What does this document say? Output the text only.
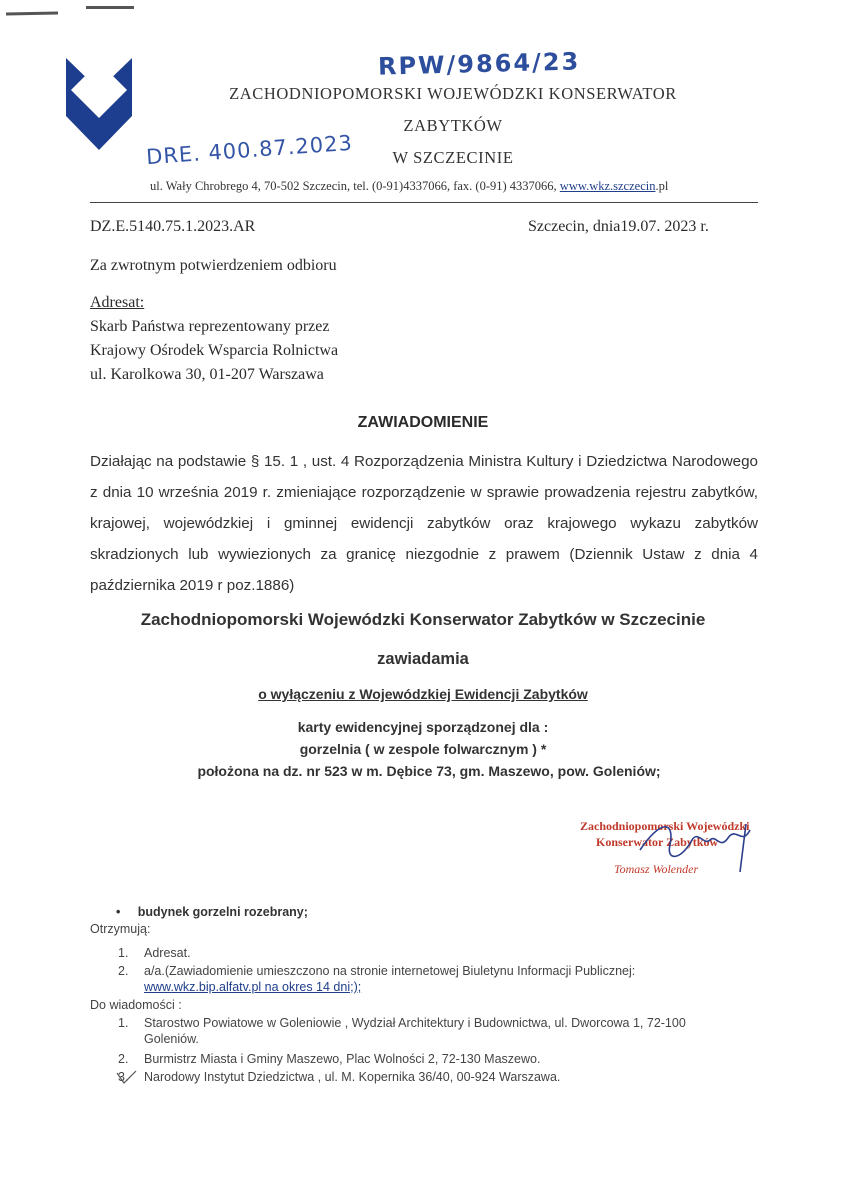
RPW/9864/23
DRE. 400.87.2023
ZACHODNIOPOMORSKI WOJEWÓDZKI KONSERWATOR
ZABYTKÓW
W SZCZECINIE
ul. Wały Chrobrego 4, 70-502 Szczecin, tel. (0-91)4337066, fax. (0-91) 4337066, www.wkz.szczecin.pl
DZ.E.5140.75.1.2023.AR	Szczecin, dnia19.07. 2023 r.
Za zwrotnym potwierdzeniem odbioru
Adresat:
Skarb Państwa reprezentowany przez
Krajowy Ośrodek Wsparcia Rolnictwa
ul. Karolkowa 30, 01-207 Warszawa
ZAWIADOMIENIE
Działając na podstawie § 15. 1 , ust. 4 Rozporządzenia Ministra Kultury i Dziedzictwa Narodowego z dnia 10 września 2019 r. zmieniające rozporządzenie w sprawie prowadzenia rejestru zabytków, krajowej, wojewódzkiej i gminnej ewidencji zabytków oraz krajowego wykazu zabytków skradzionych lub wywiezionych za granicę niezgodnie z prawem (Dziennik Ustaw z dnia 4 października 2019 r poz.1886)
Zachodniopomorski Wojewódzki Konserwator Zabytków w Szczecinie
zawiadamia
o wyłączeniu z Wojewódzkiej Ewidencji Zabytków
karty ewidencyjnej sporządzonej dla :
gorzelnia ( w zespole folwarcznym ) *
położona na dz. nr 523 w m. Dębice 73, gm. Maszewo, pow. Goleniów;
Zachodniopomorski Wojewódzki
Konserwator Zabytków
Tomasz Wolender
•     budynek gorzelni rozebrany;
Otrzymują:
1. Adresat.
2. a/a.(Zawiadomienie umieszczono na stronie internetowej Biuletynu Informacji Publicznej:
www.wkz.bip.alfatv.pl na okres 14 dni;);
Do wiadomości :
1. Starostwo Powiatowe w Goleniowie , Wydział Architektury i Budownictwa, ul. Dworcowa 1, 72-100
Goleniów.
2. Burmistrz Miasta i Gminy Maszewo, Plac Wolności 2, 72-130 Maszewo.
3. Narodowy Instytut Dziedzictwa , ul. M. Kopernika 36/40, 00-924 Warszawa.
